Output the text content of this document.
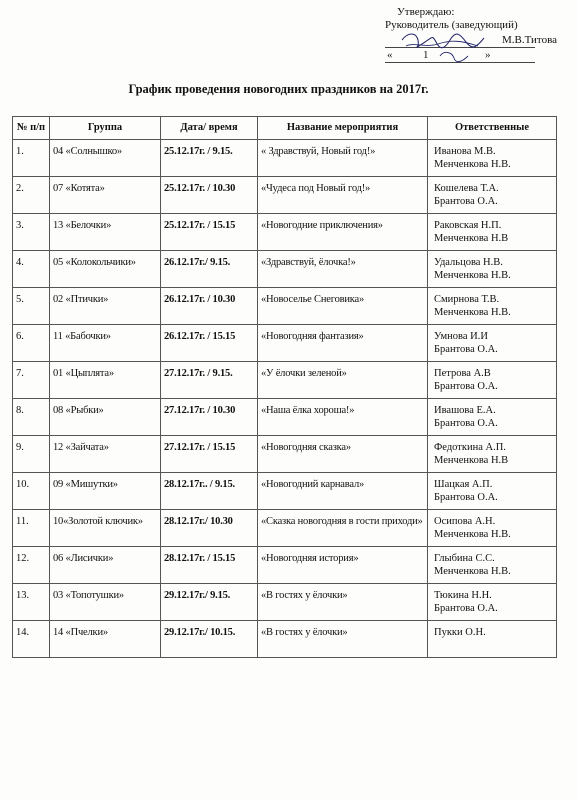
Утверждаю:
Руководитель (заведующий)
М.В.Титова
«	1	»
График проведения новогодних праздников на 2017г.
№ п/п	Группа	Дата/ время	Название мероприятия	Ответственные
1.	04 «Солнышко»	25.12.17г. / 9.15.	« Здравствуй, Новый год!»	Иванова М.В.
Менченкова Н.В.

2.	07 «Котята»	25.12.17г. / 10.30	«Чудеса под Новый год!»	Кошелева Т.А.
Брантова О.А.

3.	13 «Белочки»	25.12.17г. / 15.15	«Новогодние приключения»	Раковская Н.П.
Менченкова Н.В

4.	05 «Колокольчики»	26.12.17г./ 9.15.	«Здравствуй, ёлочка!»	Удальцова Н.В.
Менченкова Н.В.

5.	02 «Птички»	26.12.17г. / 10.30	«Новоселье Снеговика»	Смирнова Т.В.
Менченкова Н.В.

6.	11 «Бабочки»	26.12.17г. / 15.15	«Новогодняя фантазия»	Умнова И.И
Брантова О.А.

7.	01 «Цыплята»	27.12.17г. / 9.15.	«У ёлочки зеленой»	Петрова А.В
Брантова О.А.

8.	08 «Рыбки»	27.12.17г. / 10.30	«Наша ёлка хороша!»	Ивашова Е.А.
Брантова О.А.

9.	12 «Зайчата»	27.12.17г. / 15.15	«Новогодняя сказка»	Федоткина А.П.
Менченкова Н.В

10.	09 «Мишутки»	28.12.17г.. / 9.15.	«Новогодний карнавал»	Шацкая А.П.
Брантова О.А.

11.	10«Золотой ключик»	28.12.17г./ 10.30	«Сказка новогодняя в гости приходи»	Осипова А.Н.
Менченкова Н.В.

12.	06 «Лисички»	28.12.17г. / 15.15	«Новогодняя история»	Глыбина С.С.
Менченкова Н.В.

13.	03 «Топотушки»	29.12.17г./ 9.15.	«В гостях у ёлочки»	Тюкина Н.Н.
Брантова О.А.

14.	14 «Пчелки»	29.12.17г./ 10.15.	«В гостях у ёлочки»	Пукки О.Н.
